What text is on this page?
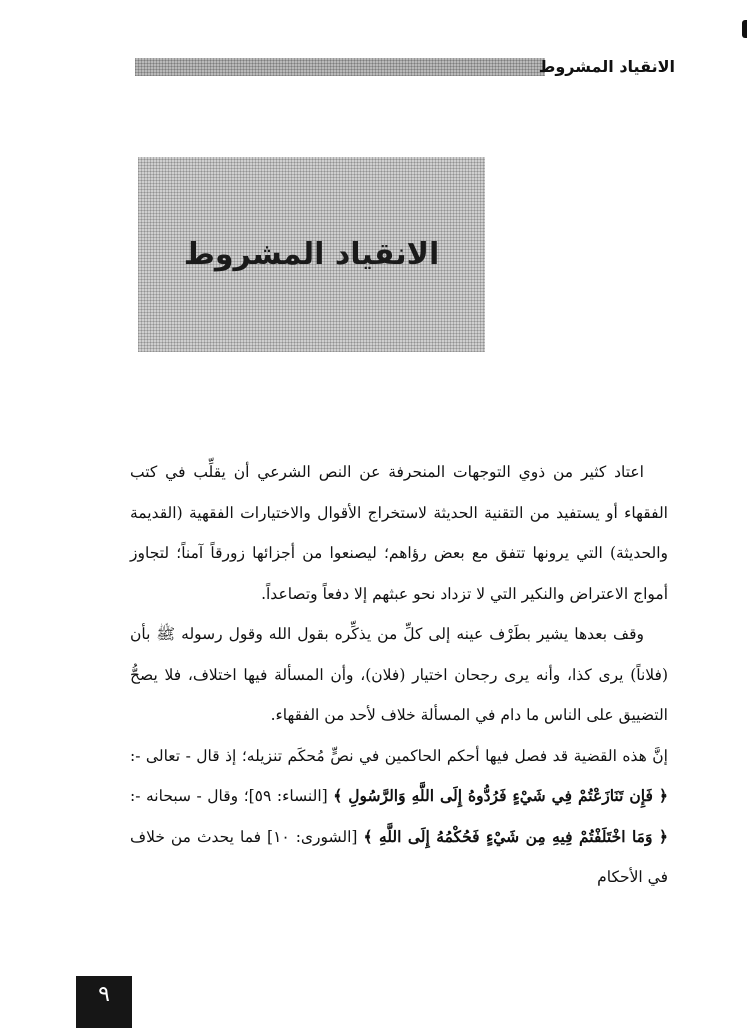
الانقياد المشروط
الانقياد المشروط

اعتاد كثير من ذوي التوجهات المنحرفة عن النص الشرعي أن يقلِّب في كتب الفقهاء أو يستفيد من التقنية الحديثة لاستخراج الأقوال والاختيارات الفقهية (القديمة والحديثة) التي يرونها تتفق مع بعض رؤاهم؛ ليصنعوا من أجزائها زورقاً آمناً؛ لتجاوز أمواج الاعتراض والنكير التي لا تزداد نحو عبثهم إلا دفعاً وتصاعداً.

وقف بعدها يشير بطَرْف عينه إلى كلِّ من يذكِّره بقول الله وقول رسوله ﷺ بأن (فلاناً) يرى كذا، وأنه يرى رجحان اختيار (فلان)، وأن المسألة فيها اختلاف، فلا يصحُّ التضييق على الناس ما دام في المسألة خلاف لأحد من الفقهاء.

إنَّ هذه القضية قد فصل فيها أحكم الحاكمين في نصٍّ مُحكَم تنزيله؛ إذ قال - تعالى -: ﴿ فَإِن تَنَازَعْتُمْ فِي شَيْءٍ فَرُدُّوهُ إِلَى اللَّهِ وَالرَّسُولِ ﴾ [النساء: ٥٩]؛ وقال - سبحانه -: ﴿ وَمَا اخْتَلَفْتُمْ فِيهِ مِن شَيْءٍ فَحُكْمُهُ إِلَى اللَّهِ ﴾ [الشورى: ١٠] فما يحدث من خلاف في الأحكام

٩
